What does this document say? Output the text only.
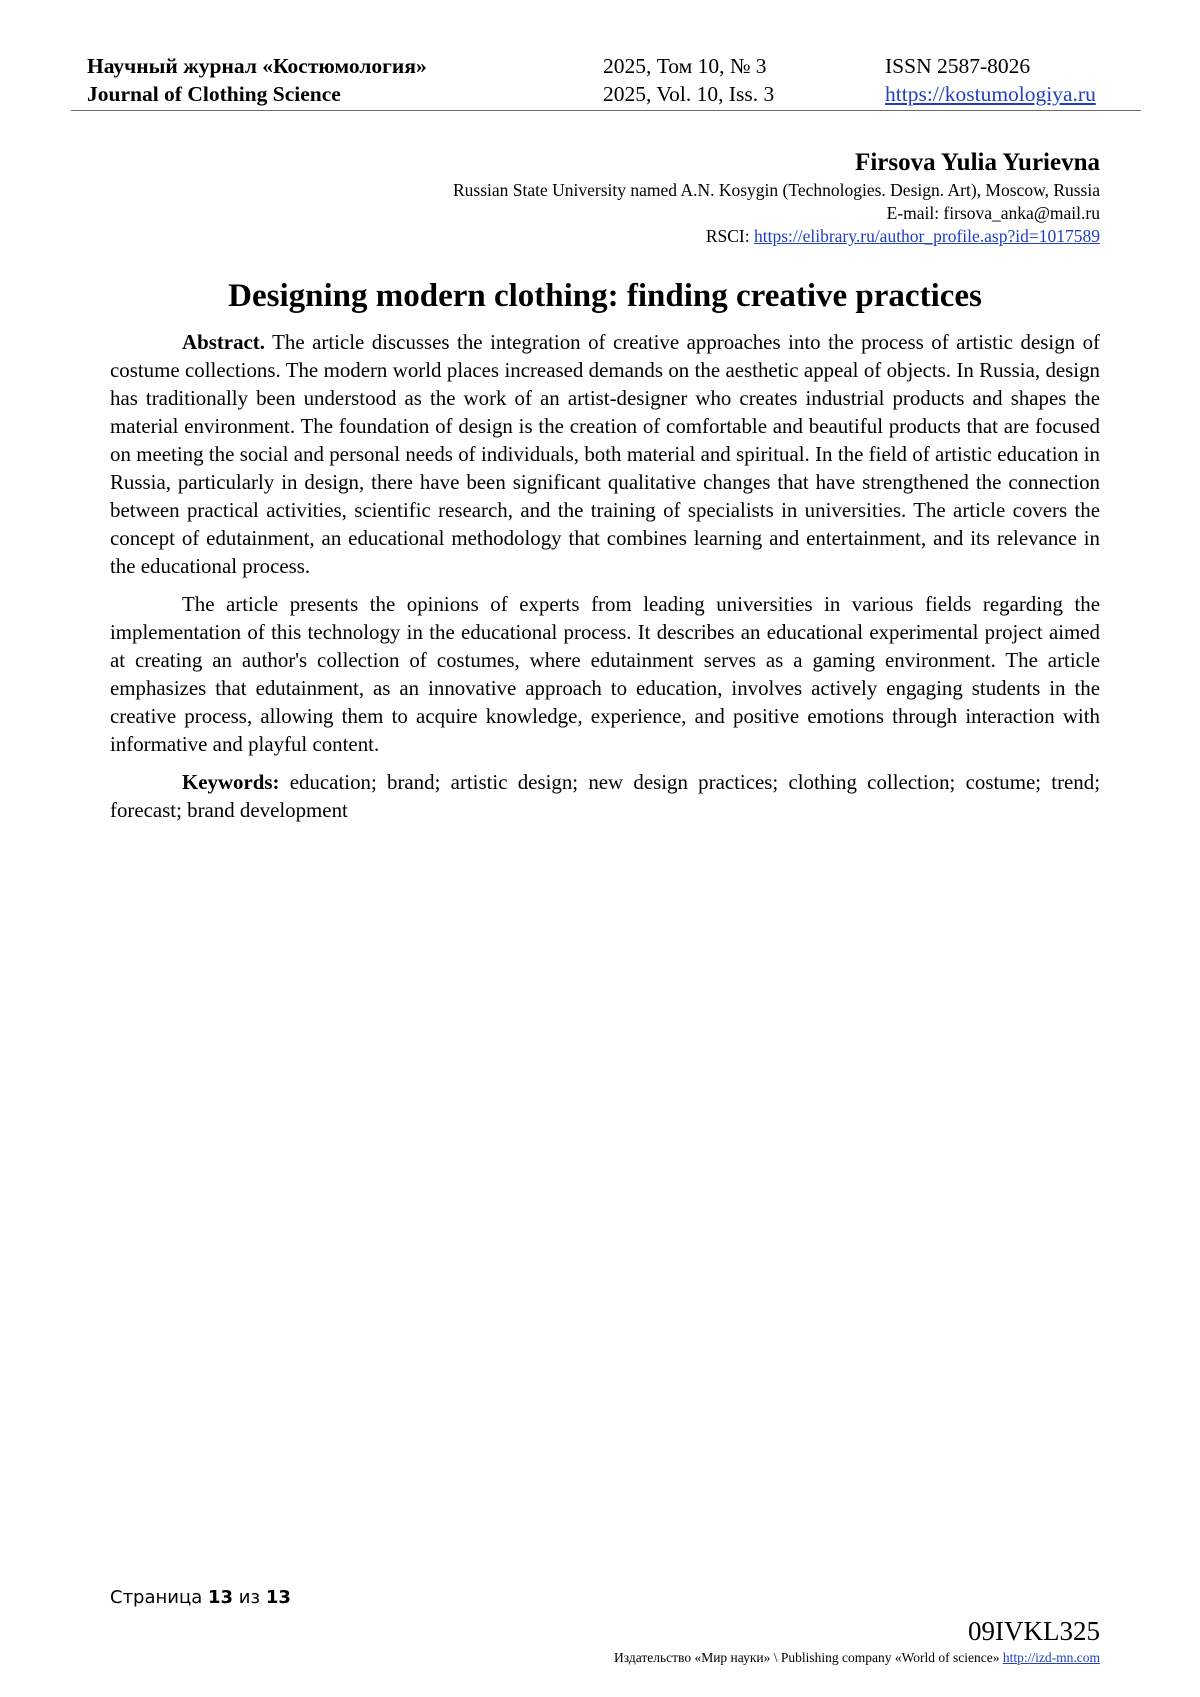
Научный журнал «Костюмология»
Journal of Clothing Science
2025, Том 10, № 3
2025, Vol. 10, Iss. 3
ISSN 2587-8026
https://kostumologiya.ru
Firsova Yulia Yurievna
Russian State University named A.N. Kosygin (Technologies. Design. Art), Moscow, Russia
E-mail: firsova_anka@mail.ru
RSCI: https://elibrary.ru/author_profile.asp?id=1017589
Designing modern clothing: finding creative practices

Abstract. The article discusses the integration of creative approaches into the process of artistic design of costume collections. The modern world places increased demands on the aesthetic appeal of objects. In Russia, design has traditionally been understood as the work of an artist-designer who creates industrial products and shapes the material environment. The foundation of design is the creation of comfortable and beautiful products that are focused on meeting the social and personal needs of individuals, both material and spiritual. In the field of artistic education in Russia, particularly in design, there have been significant qualitative changes that have strengthened the connection between practical activities, scientific research, and the training of specialists in universities. The article covers the concept of edutainment, an educational methodology that combines learning and entertainment, and its relevance in the educational process.

The article presents the opinions of experts from leading universities in various fields regarding the implementation of this technology in the educational process. It describes an educational experimental project aimed at creating an author's collection of costumes, where edutainment serves as a gaming environment. The article emphasizes that edutainment, as an innovative approach to education, involves actively engaging students in the creative process, allowing them to acquire knowledge, experience, and positive emotions through interaction with informative and playful content.

Keywords: education; brand; artistic design; new design practices; clothing collection; costume; trend; forecast; brand development

Страница 13 из 13
09IVKL325
Издательство «Мир науки» \ Publishing company «World of science» http://izd-mn.com
